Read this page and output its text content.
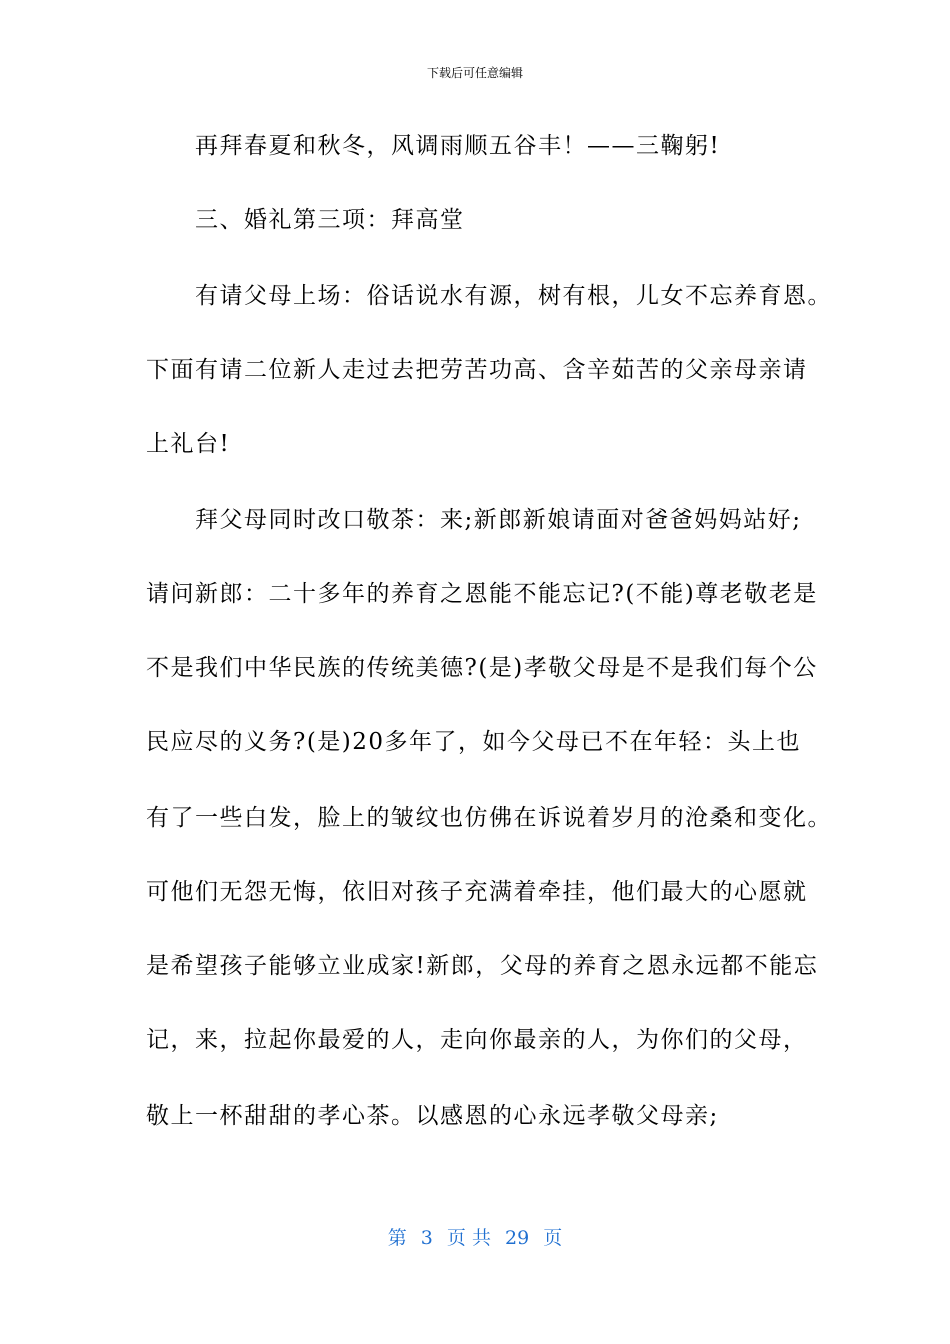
下载后可任意编辑
　　再拜春夏和秋冬，风调雨顺五谷丰！——三鞠躬!
　　三、婚礼第三项：拜高堂
　　有请父母上场：俗话说水有源，树有根，儿女不忘养育恩。
下面有请二位新人走过去把劳苦功高、含辛茹苦的父亲母亲请
上礼台!
　　拜父母同时改口敬茶：来;新郎新娘请面对爸爸妈妈站好;
请问新郎：二十多年的养育之恩能不能忘记?(不能)尊老敬老是
不是我们中华民族的传统美德?(是)孝敬父母是不是我们每个公
民应尽的义务?(是)20多年了，如今父母已不在年轻：头上也
有了一些白发，脸上的皱纹也仿佛在诉说着岁月的沧桑和变化。
可他们无怨无悔，依旧对孩子充满着牵挂，他们最大的心愿就
是希望孩子能够立业成家!新郎，父母的养育之恩永远都不能忘
记，来，拉起你最爱的人，走向你最亲的人，为你们的父母，
敬上一杯甜甜的孝心茶。以感恩的心永远孝敬父母亲;
第 3 页 共 29 页
